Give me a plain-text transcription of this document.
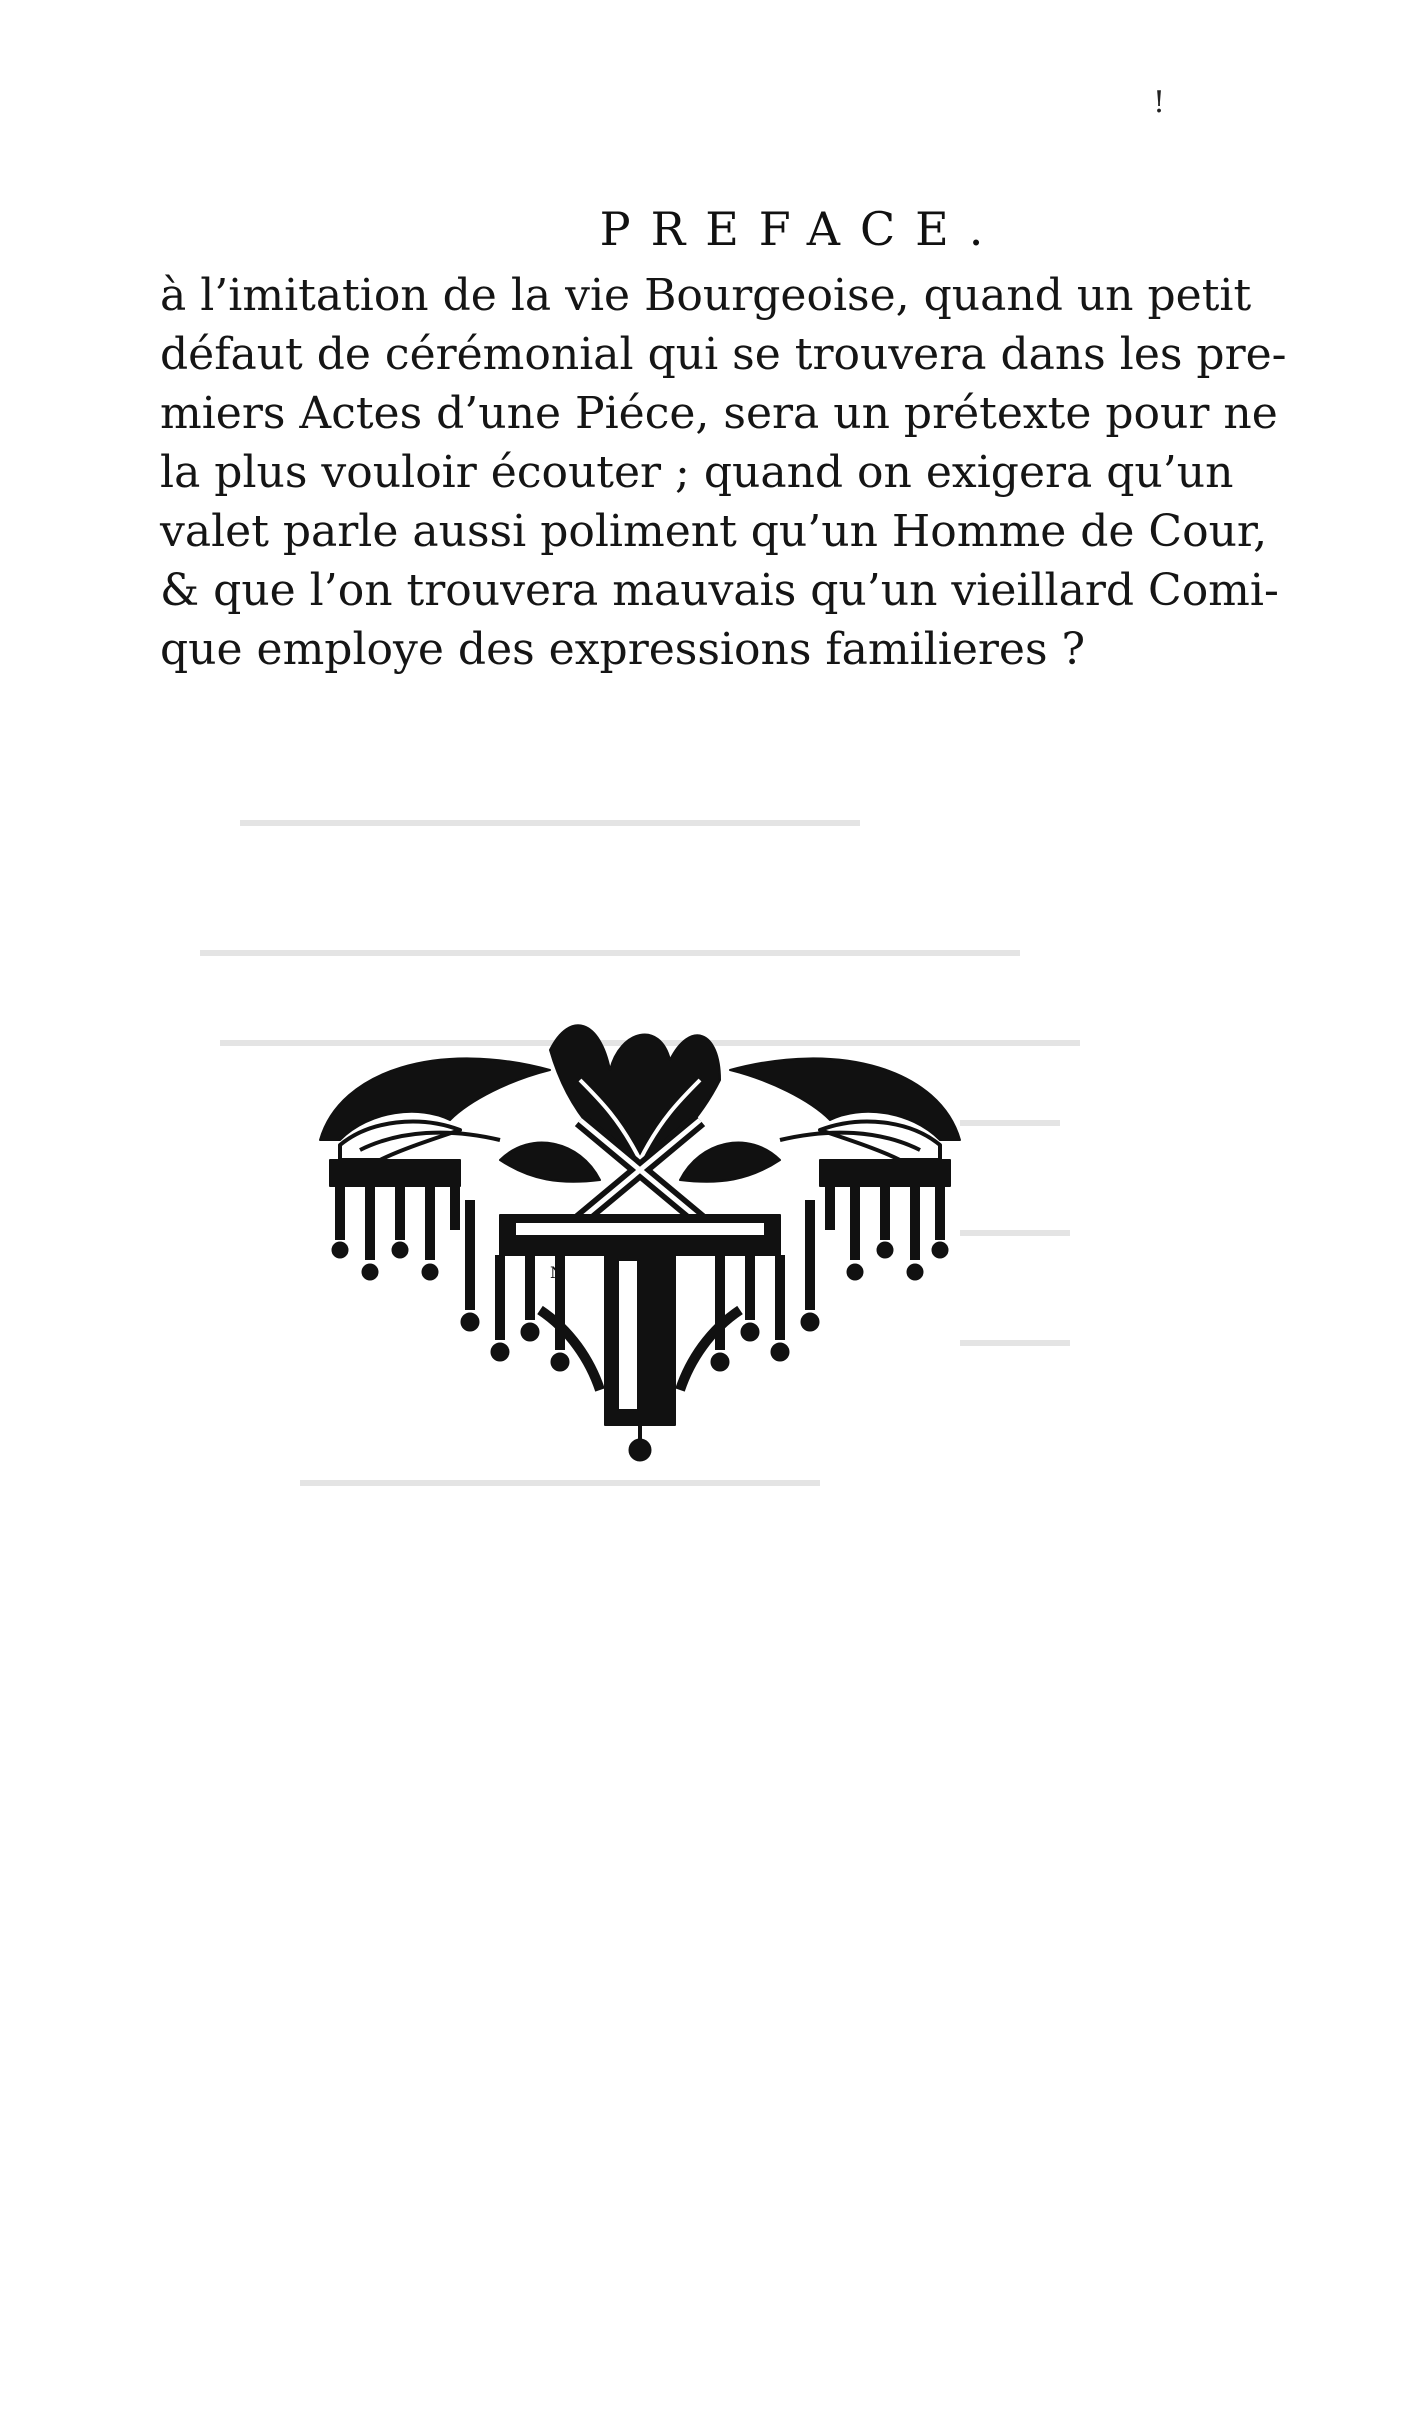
!
PREFACE.
à l’imitation de la vie Bourgeoise, quand un petit
défaut de cérémonial qui se trouvera dans les pre-
miers Actes d’une Piéce, sera un prétexte pour ne
la plus vouloir écouter ; quand on exigera qu’un
valet parle aussi poliment qu’un Homme de Cour,
& que l’on trouvera mauvais qu’un vieillard Comi-
que employe des expressions familieres ?
N
